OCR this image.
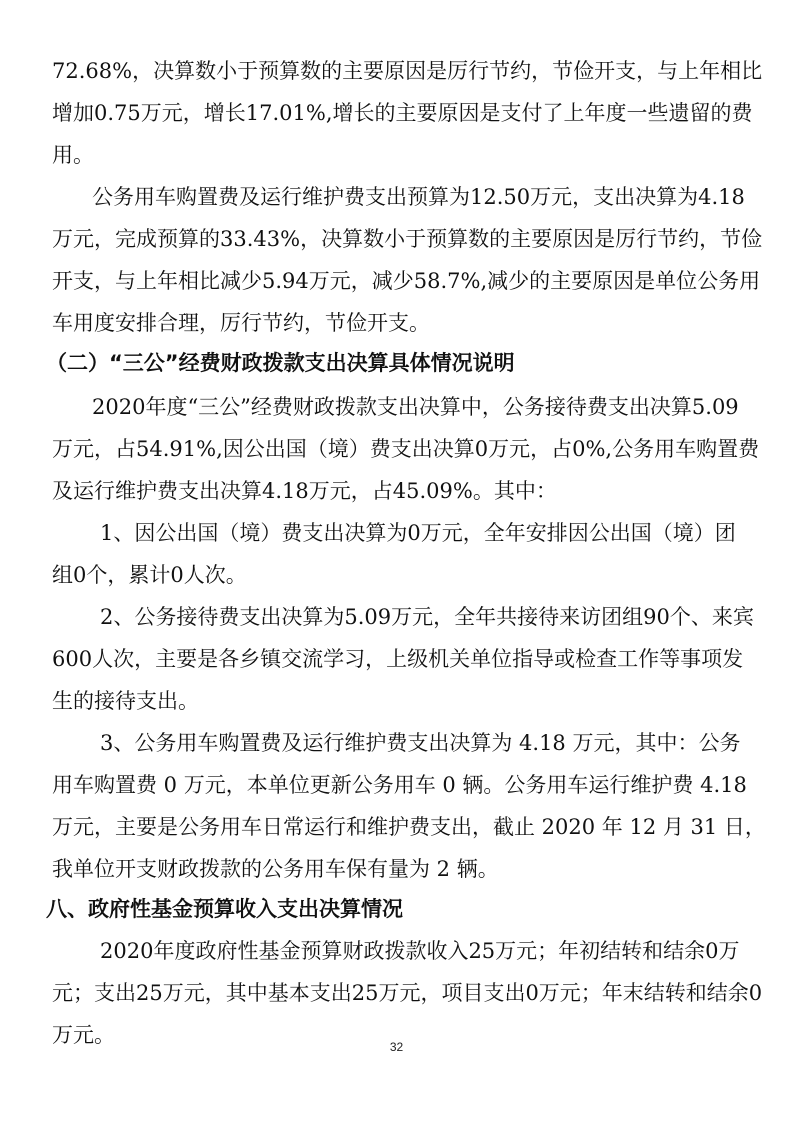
72.68%，决算数小于预算数的主要原因是厉行节约，节俭开支，与上年相比
增加0.75万元，增长17.01%,增长的主要原因是支付了上年度一些遗留的费
用。
公务用车购置费及运行维护费支出预算为12.50万元，支出决算为4.18
万元，完成预算的33.43%，决算数小于预算数的主要原因是厉行节约，节俭
开支，与上年相比减少5.94万元，减少58.7%,减少的主要原因是单位公务用
车用度安排合理，厉行节约，节俭开支。
（二）“三公”经费财政拨款支出决算具体情况说明
2020年度“三公”经费财政拨款支出决算中，公务接待费支出决算5.09
万元，占54.91%,因公出国（境）费支出决算0万元，占0%,公务用车购置费
及运行维护费支出决算4.18万元，占45.09%。其中：
1、因公出国（境）费支出决算为0万元，全年安排因公出国（境）团
组0个，累计0人次。
2、公务接待费支出决算为5.09万元，全年共接待来访团组90个、来宾
600人次，主要是各乡镇交流学习，上级机关单位指导或检查工作等事项发
生的接待支出。
3、公务用车购置费及运行维护费支出决算为 4.18 万元，其中：公务
用车购置费 0 万元，本单位更新公务用车 0 辆。公务用车运行维护费 4.18
万元，主要是公务用车日常运行和维护费支出，截止 2020 年 12 月 31 日，
我单位开支财政拨款的公务用车保有量为 2 辆。
八、政府性基金预算收入支出决算情况
2020年度政府性基金预算财政拨款收入25万元；年初结转和结余0万
元；支出25万元，其中基本支出25万元，项目支出0万元；年末结转和结余0
万元。	32
